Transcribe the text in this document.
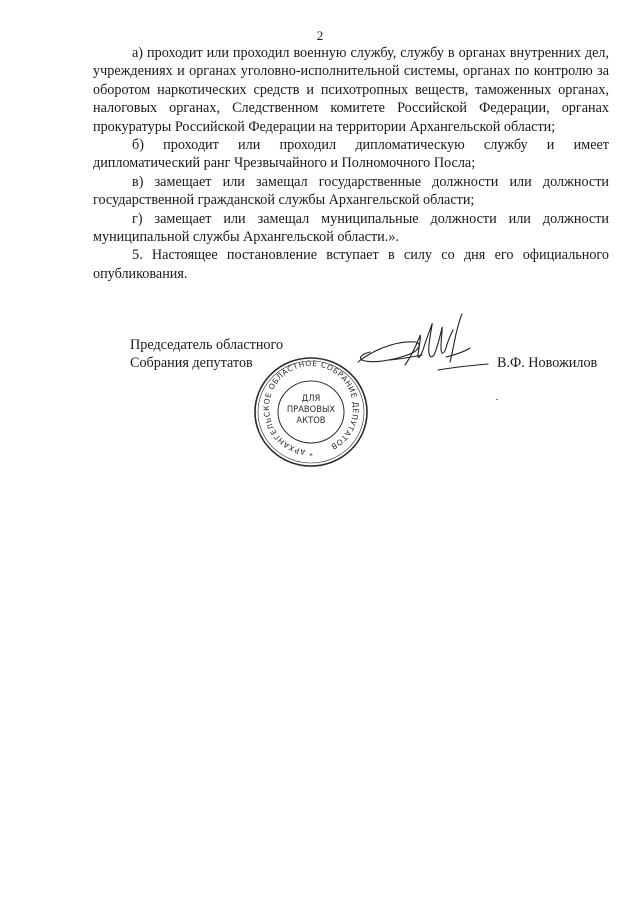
2

а) проходит или проходил военную службу, службу в органах внутренних дел, учреждениях и органах уголовно-исполнительной системы, органах по контролю за оборотом наркотических средств и психотропных веществ, таможенных органах, налоговых органах, Следственном комитете Российской Федерации, органах прокуратуры Российской Федерации на территории Архангельской области;

б) проходит или проходил дипломатическую службу и имеет дипломатический ранг Чрезвычайного и Полномочного Посла;

в) замещает или замещал государственные должности или должности государственной гражданской службы Архангельской области;

г) замещает или замещал муниципальные должности или должности муниципальной службы Архангельской области.».

5. Настоящее постановление вступает в силу со дня его официального опубликования.

Председатель областного
Собрания депутатов
АРХАНГЕЛЬСКОЕ ОБЛАСТНОЕ СОБРАНИЕ ДЕПУТАТОВ
ДЛЯ
ПРАВОВЫХ
АКТОВ
*
В.Ф. Новожилов
